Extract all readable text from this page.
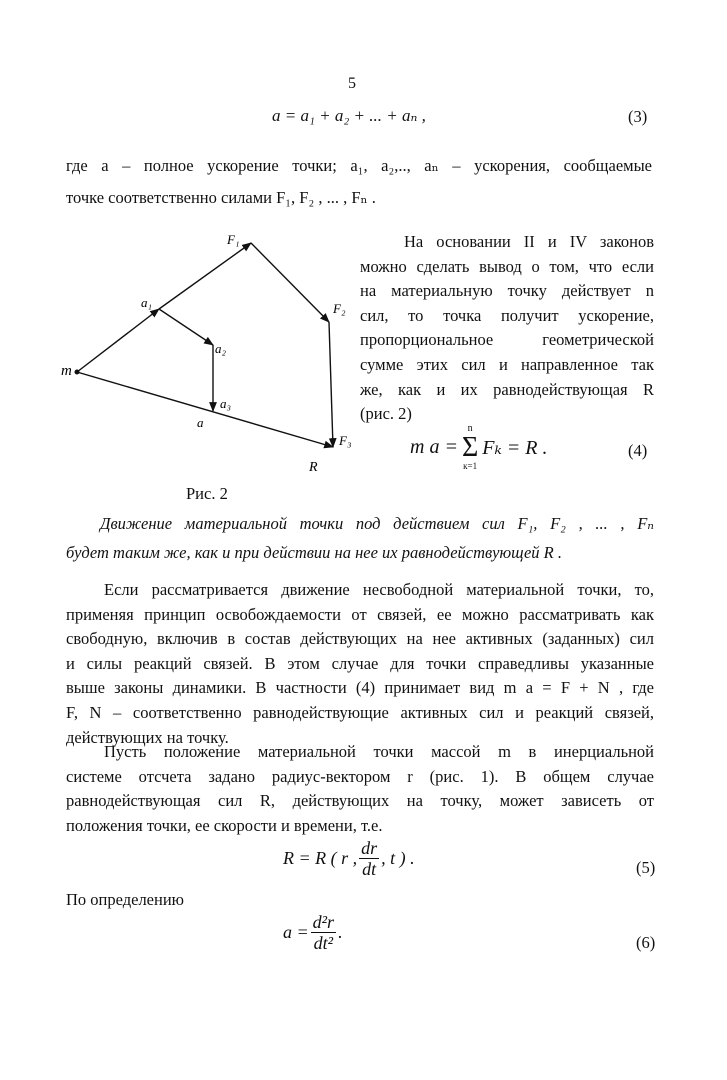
5
a = a₁ + a₂ + ... + aₙ ,	(3)
где a – полное ускорение точки; a₁, a₂,.., aₙ – ускорения, сообщаемые
точке соответственно силами F₁, F₂ , ... , Fₙ .
m
a₁
a₂
a₃
a
F₁
F₂
F₃
R
Рис. 2
На основании II и IV законов
можно сделать вывод о том, что если
на материальную точку действует n
сил, то точка получит ускорение,
пропорциональное геометрической
сумме этих сил и направленное так
же, как и их равнодействующая R
(рис. 2)
m a =
n
Σ
к=1
Fₖ = R .	(4)
Движение материальной точки под действием сил F₁, F₂ , ... , Fₙ
будет таким же, как и при действии на нее их равнодействующей R .
Если рассматривается движение несвободной материальной точки, то,
применяя принцип освобождаемости от связей, ее можно рассматривать как
свободную, включив в состав действующих на нее активных (заданных) сил
и силы реакций связей. В этом случае для точки справедливы указанные
выше законы динамики. В частности (4) принимает вид m a = F + N , где
F, N – соответственно равнодействующие активных сил и реакций связей,
действующих на точку.
Пусть положение материальной точки массой m в инерциальной
системе отсчета задано радиус-вектором r (рис. 1). В общем случае
равнодействующая сил R, действующих на точку, может зависеть от
положения точки, ее скорости и времени, т.е.
R = R ( r , $\frac{dr}{dt}$ , t ) .	(5)
По определению
$a = \frac{\text{d²r}}{\text{dt²}}$ .
(6)
